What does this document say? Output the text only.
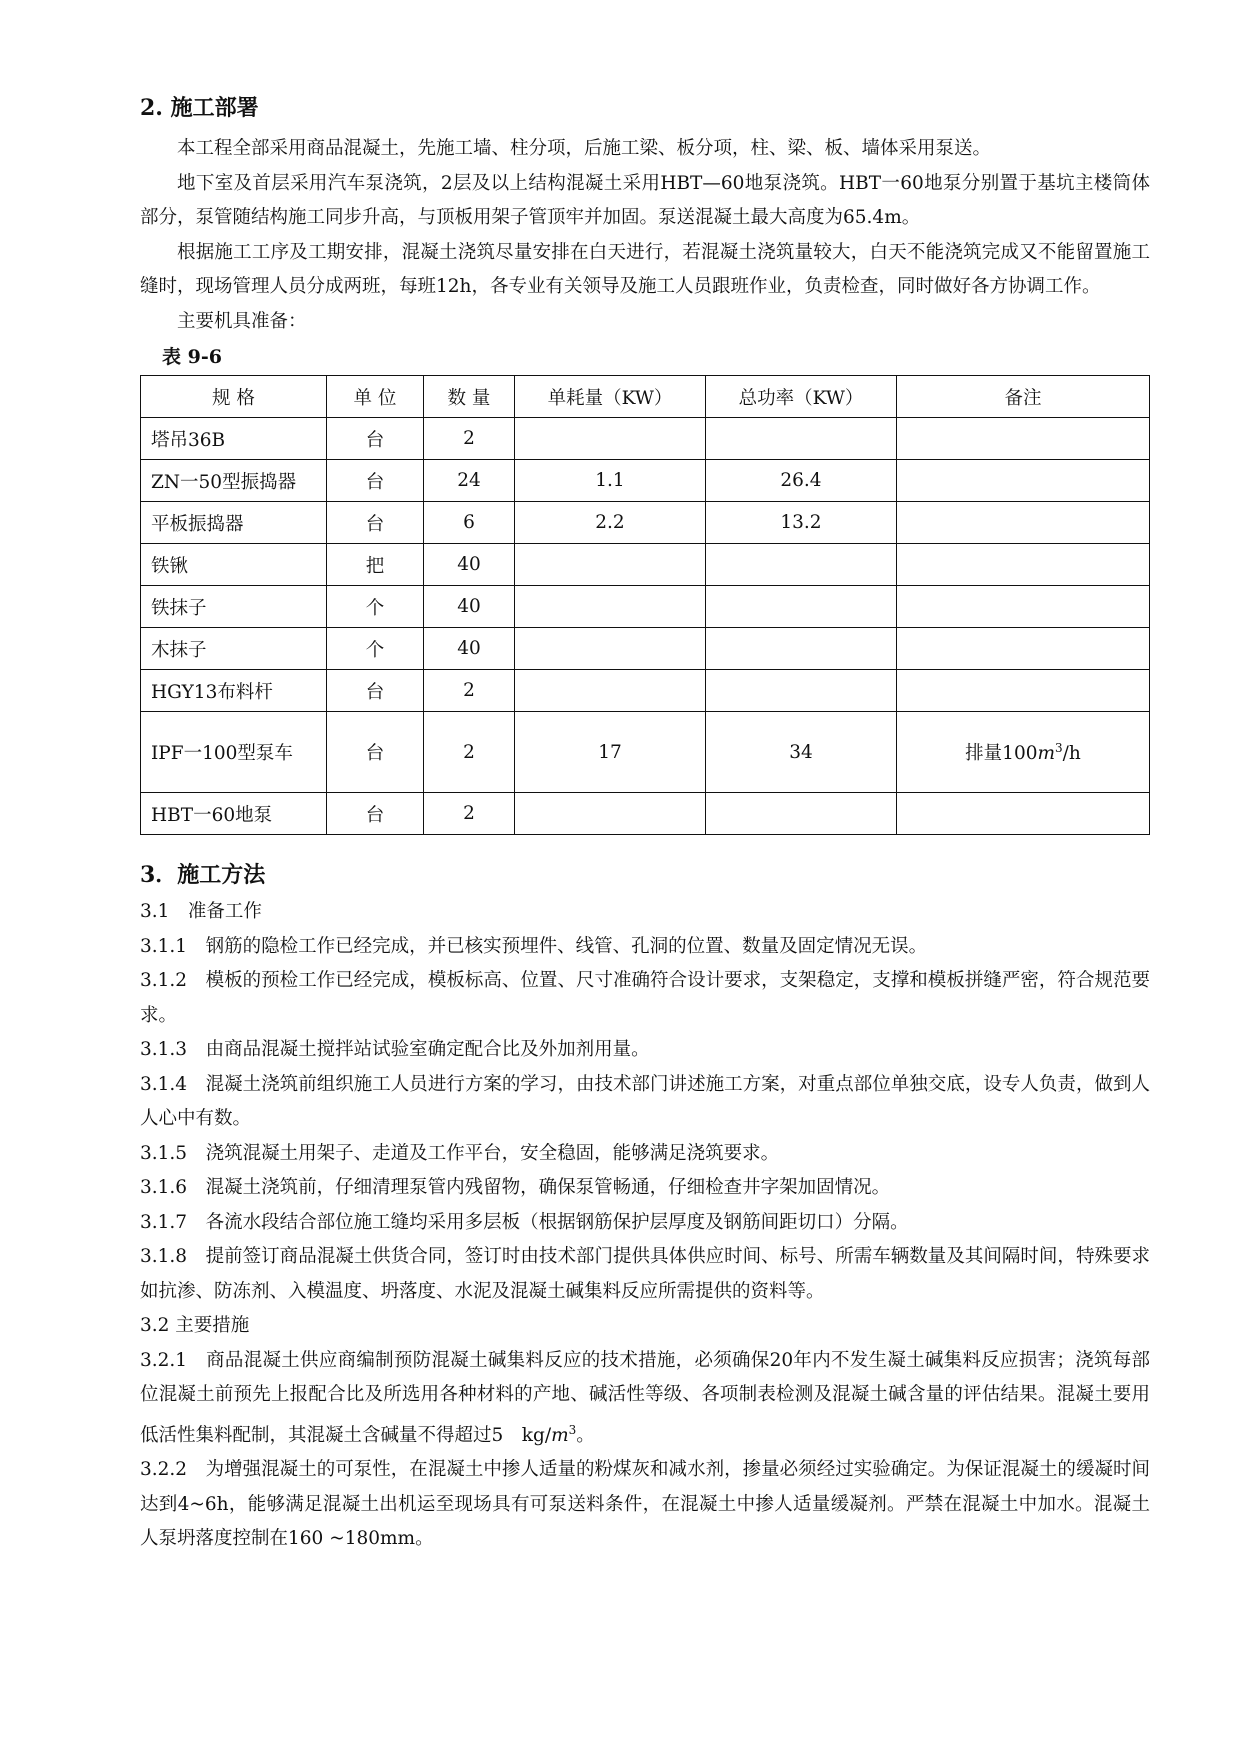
2. 施工部署

本工程全部采用商品混凝土，先施工墙、柱分项，后施工梁、板分项，柱、梁、板、墙体采用泵送。

地下室及首层采用汽车泵浇筑，2层及以上结构混凝土采用HBT—60地泵浇筑。HBT一60地泵分别置于基坑主楼筒体部分，泵管随结构施工同步升高，与顶板用架子管顶牢并加固。泵送混凝土最大高度为65.4m。

根据施工工序及工期安排，混凝土浇筑尽量安排在白天进行，若混凝土浇筑量较大，白天不能浇筑完成又不能留置施工缝时，现场管理人员分成两班，每班12h，各专业有关领导及施工人员跟班作业，负责检查，同时做好各方协调工作。

主要机具准备：

表 9-6
规 格	单 位	数 量	单耗量（KW）	总功率（KW）	备注
塔吊36B	台	2			
ZN一50型振捣器	台	24	1.1	26.4	
平板振捣器	台	6	2.2	13.2	
铁锹	把	40			
铁抹子	个	40			
木抹子	个	40			
HGY13布料杆	台	2			
IPF一100型泵车	台	2	17	34	排量$100m^3/h$
HBT一60地泵	台	2			
3．施工方法

3.1　准备工作

3.1.1　钢筋的隐检工作已经完成，并已核实预埋件、线管、孔洞的位置、数量及固定情况无误。

3.1.2　模板的预检工作已经完成，模板标高、位置、尺寸准确符合设计要求，支架稳定，支撑和模板拼缝严密，符合规范要求。

3.1.3　由商品混凝土搅拌站试验室确定配合比及外加剂用量。

3.1.4　混凝土浇筑前组织施工人员进行方案的学习，由技术部门讲述施工方案，对重点部位单独交底，设专人负责，做到人人心中有数。

3.1.5　浇筑混凝土用架子、走道及工作平台，安全稳固，能够满足浇筑要求。

3.1.6　混凝土浇筑前，仔细清理泵管内残留物，确保泵管畅通，仔细检查井字架加固情况。

3.1.7　各流水段结合部位施工缝均采用多层板（根据钢筋保护层厚度及钢筋间距切口）分隔。

3.1.8　提前签订商品混凝土供货合同，签订时由技术部门提供具体供应时间、标号、所需车辆数量及其间隔时间，特殊要求如抗渗、防冻剂、入模温度、坍落度、水泥及混凝土碱集料反应所需提供的资料等。

3.2 主要措施

3.2.1　商品混凝土供应商编制预防混凝土碱集料反应的技术措施，必须确保20年内不发生凝土碱集料反应损害；浇筑每部位混凝土前预先上报配合比及所选用各种材料的产地、碱活性等级、各项制表检测及混凝土碱含量的评估结果。混凝土要用低活性集料配制，其混凝土含碱量不得超过5　$kg/m^3$。

3.2.2　为增强混凝土的可泵性，在混凝土中掺人适量的粉煤灰和减水剂，掺量必须经过实验确定。为保证混凝土的缓凝时间达到4~6h，能够满足混凝土出机运至现场具有可泵送料条件，在混凝土中掺人适量缓凝剂。严禁在混凝土中加水。混凝土人泵坍落度控制在160 ~180mm。
